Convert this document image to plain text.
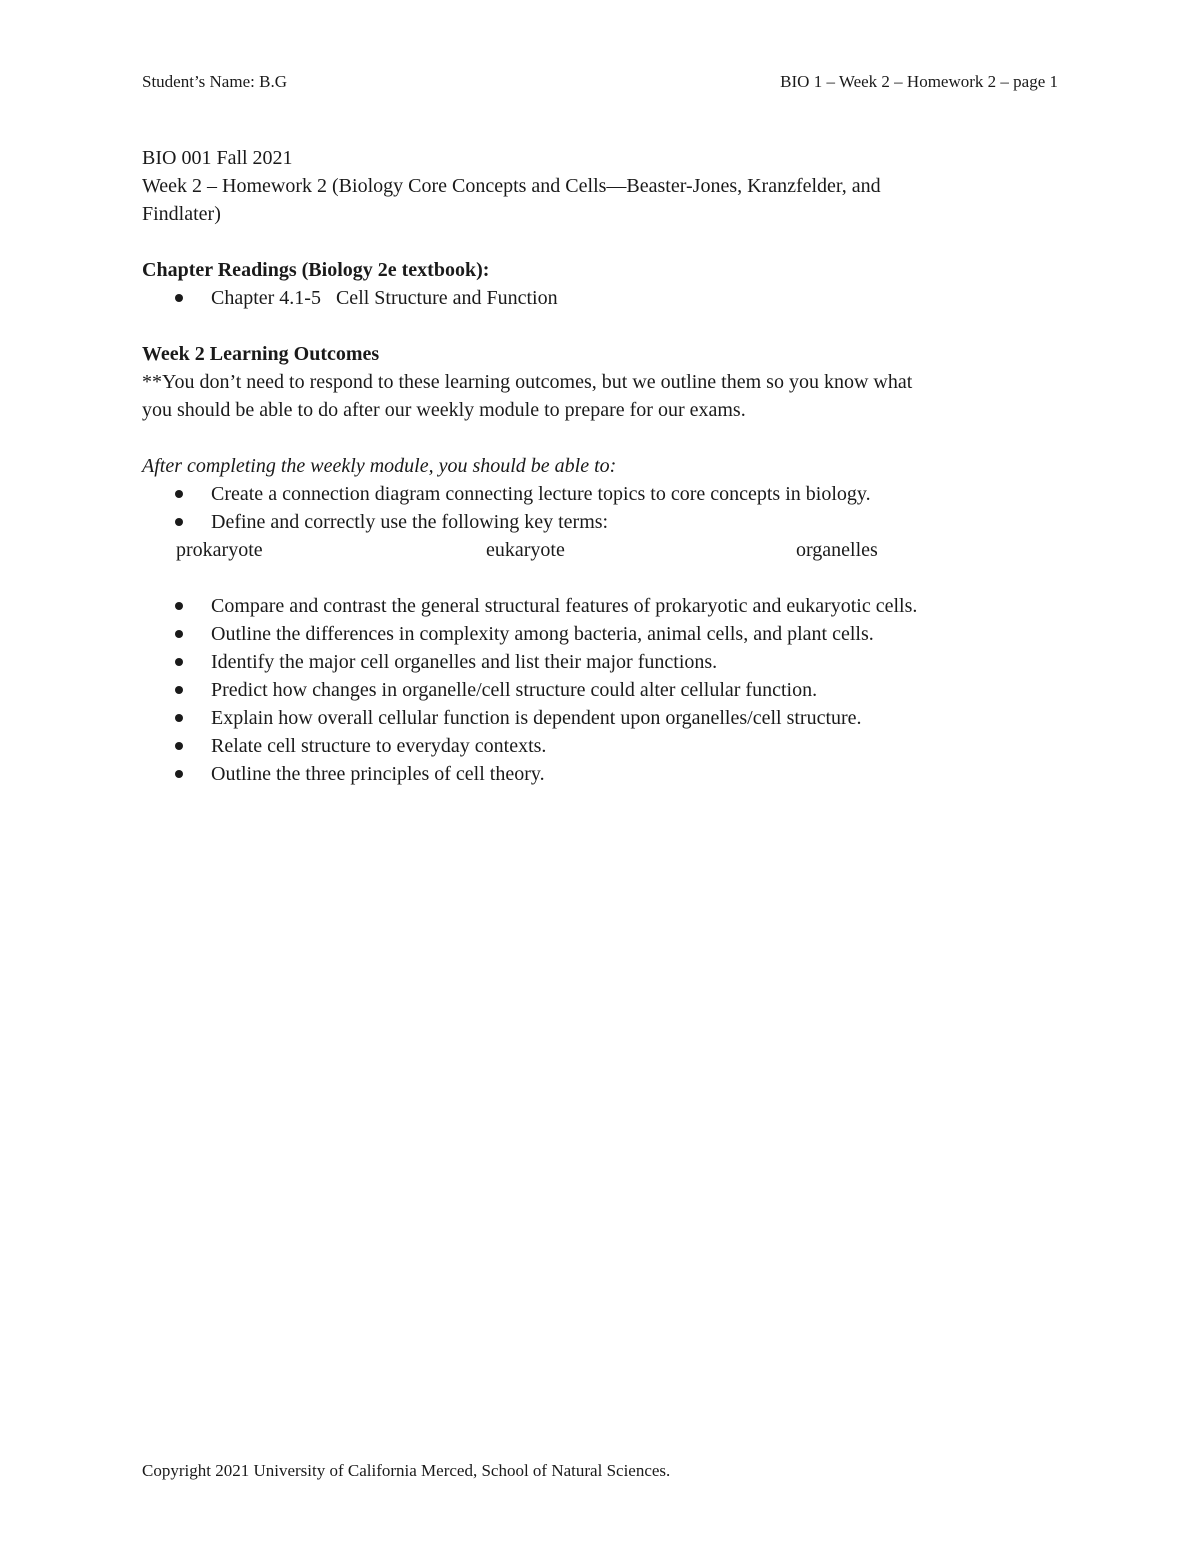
Student’s Name: B.G	BIO 1 – Week 2 – Homework 2 – page 1

BIO 001 Fall 2021

Week 2 – Homework 2 (Biology Core Concepts and Cells—Beaster-Jones, Kranzfelder, and

Findlater)

Chapter Readings (Biology 2e textbook):

Chapter 4.1-5   Cell Structure and Function

Week 2 Learning Outcomes

**You don’t need to respond to these learning outcomes, but we outline them so you know what

you should be able to do after our weekly module to prepare for our exams.

After completing the weekly module, you should be able to:

Create a connection diagram connecting lecture topics to core concepts in biology.
Define and correctly use the following key terms:
prokaryote	eukaryote	organelles
Compare and contrast the general structural features of prokaryotic and eukaryotic cells.
Outline the differences in complexity among bacteria, animal cells, and plant cells.
Identify the major cell organelles and list their major functions.
Predict how changes in organelle/cell structure could alter cellular function.
Explain how overall cellular function is dependent upon organelles/cell structure.
Relate cell structure to everyday contexts.
Outline the three principles of cell theory.
Copyright 2021 University of California Merced, School of Natural Sciences.
